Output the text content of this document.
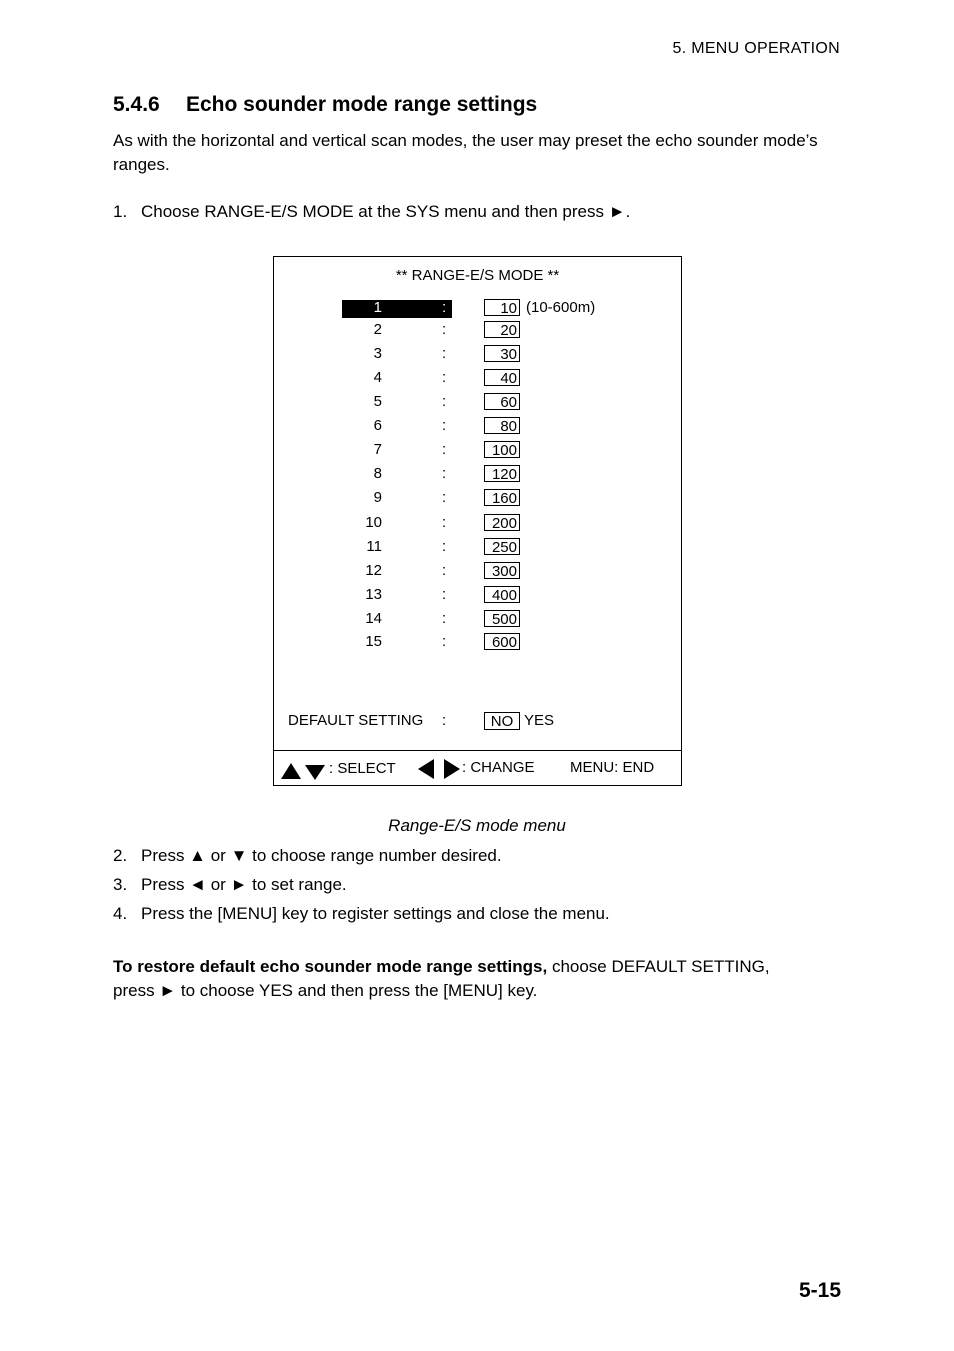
5. MENU OPERATION
5.4.6 Echo sounder mode range settings
As with the horizontal and vertical scan modes, the user may preset the echo sounder mode’s ranges.
1. Choose RANGE-E/S MODE at the SYS menu and then press ►.
** RANGE-E/S MODE **
1	:	10 (10-600m)
2	:	20
3	:	30
4	:	40
5	:	60
6	:	80
7	:	100
8	:	120
9	:	160
10	:	200
11	:	250
12	:	300
13	:	400
14	:	500
15	:	600
DEFAULT SETTING :	NO YES
: SELECT	: CHANGE MENU: END
Range-E/S mode menu
2. Press ▲ or ▼ to choose range number desired.
3. Press ◄ or ► to set range.
4. Press the [MENU] key to register settings and close the menu.
To restore default echo sounder mode range settings, choose DEFAULT SETTING,
press ► to choose YES and then press the [MENU] key.
5-15
